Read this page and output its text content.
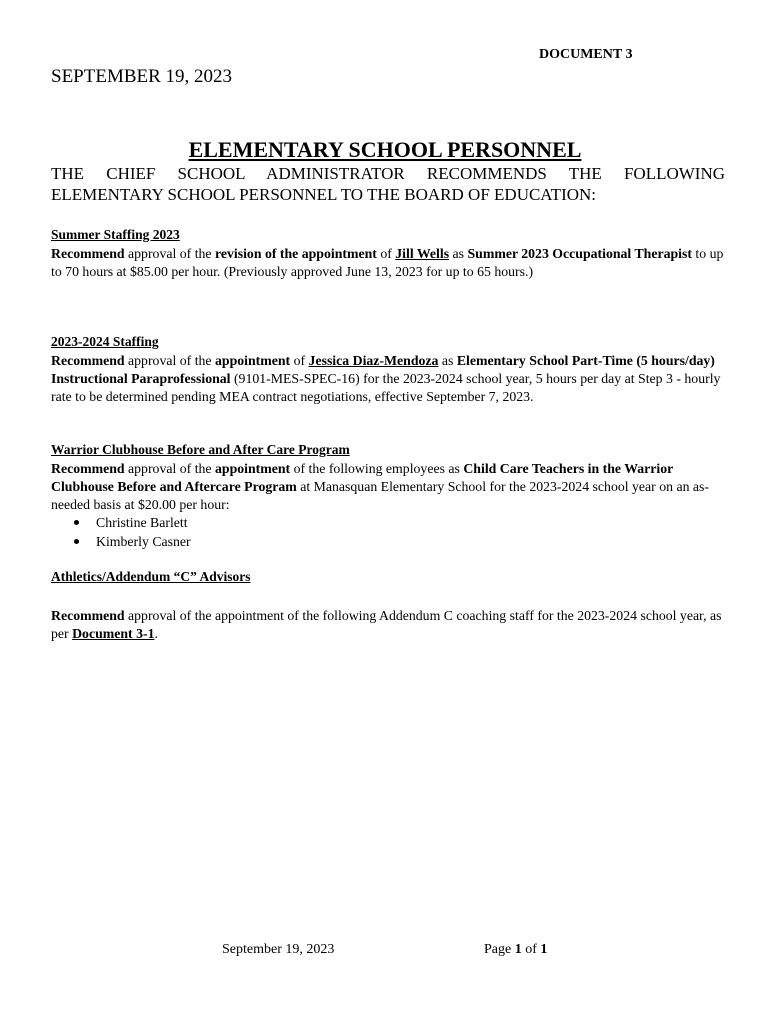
DOCUMENT 3
SEPTEMBER 19, 2023
ELEMENTARY SCHOOL PERSONNEL
THE CHIEF SCHOOL ADMINISTRATOR RECOMMENDS THE FOLLOWING ELEMENTARY SCHOOL PERSONNEL TO THE BOARD OF EDUCATION:
Summer Staffing 2023
Recommend approval of the revision of the appointment of Jill Wells as Summer 2023 Occupational Therapist to up to 70 hours at $85.00 per hour. (Previously approved June 13, 2023 for up to 65 hours.)
2023-2024 Staffing
Recommend approval of the appointment of Jessica Diaz-Mendoza as Elementary School Part-Time (5 hours/day) Instructional Paraprofessional (9101-MES-SPEC-16) for the 2023-2024 school year, 5 hours per day at Step 3 - hourly rate to be determined pending MEA contract negotiations, effective September 7, 2023.
Warrior Clubhouse Before and After Care Program
Recommend approval of the appointment of the following employees as Child Care Teachers in the Warrior Clubhouse Before and Aftercare Program at Manasquan Elementary School for the 2023-2024 school year on an as-needed basis at $20.00 per hour:
Christine Barlett
Kimberly Casner
Athletics/Addendum “C” Advisors
Recommend approval of the appointment of the following Addendum C coaching staff for the 2023-2024 school year, as per Document 3-1.
September 19, 2023	Page 1 of 1
